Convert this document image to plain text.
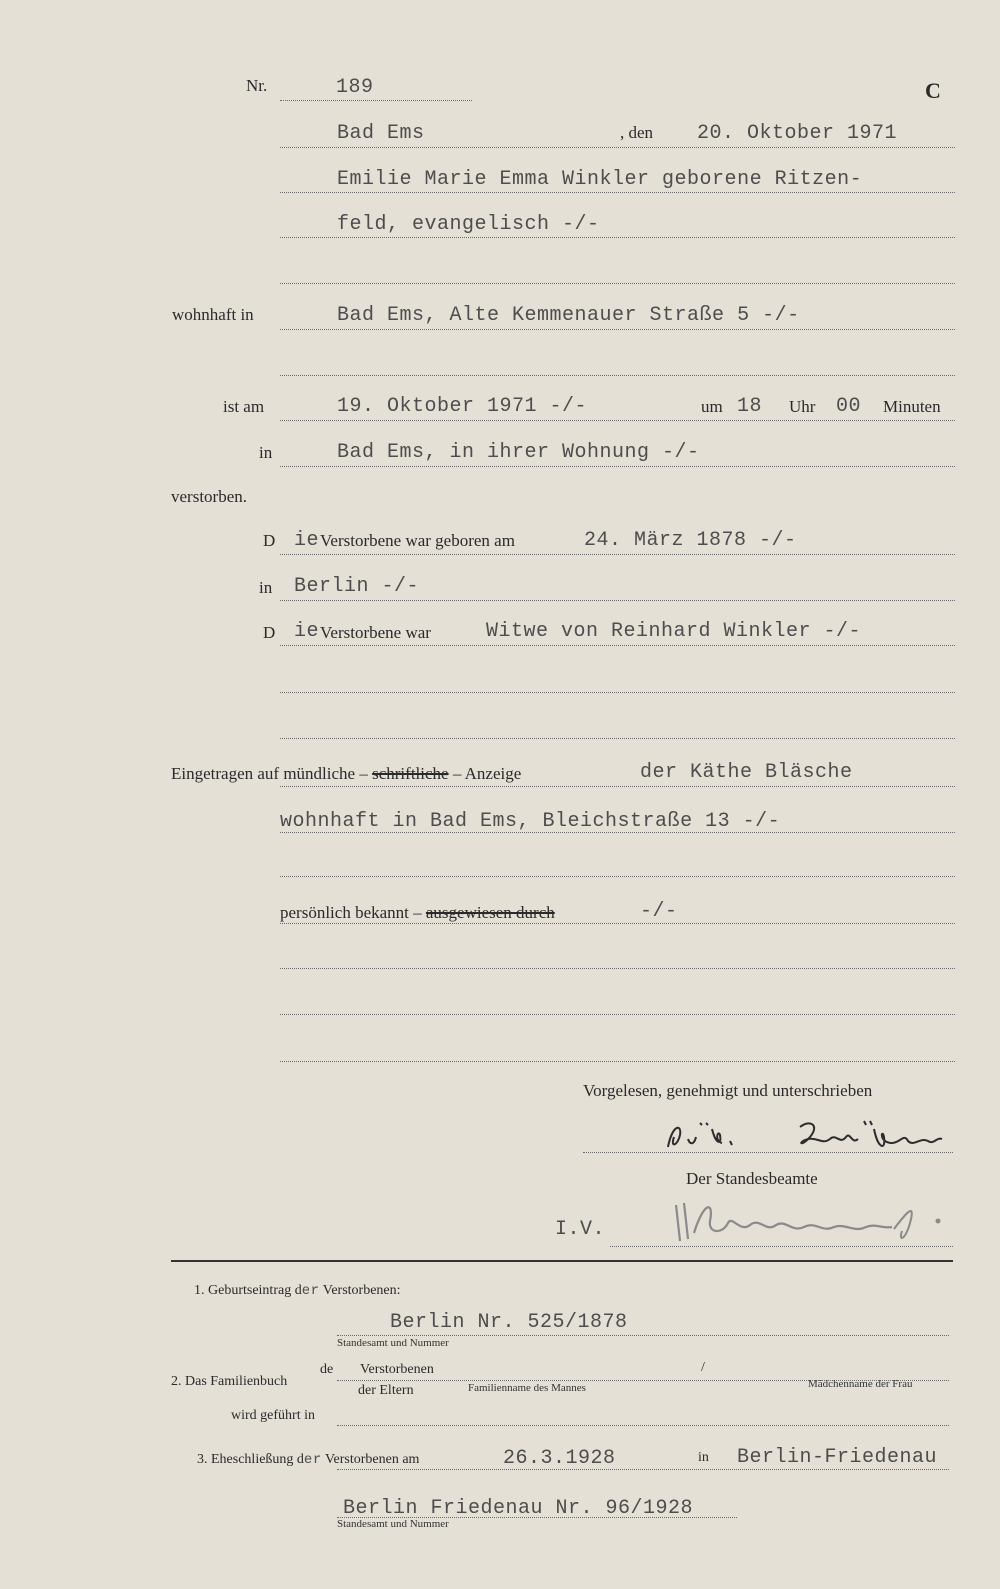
Nr.	189	C
Bad Ems	, den 20. Oktober 1971
Emilie Marie Emma Winkler geborene Ritzen-
feld, evangelisch -/-
wohnhaft in	Bad Ems, Alte Kemmenauer Straße 5 -/-
ist am	19. Oktober 1971 -/-	um 18 Uhr 00 Minuten
in	Bad Ems, in ihrer Wohnung -/-
verstorben.
D ie Verstorbene war geboren am	24. März 1878 -/-
in Berlin -/-
D ie Verstorbene war	Witwe von Reinhard Winkler -/-
Eingetragen auf mündliche – schriftliche – Anzeige	der Käthe Bläsche
wohnhaft in Bad Ems, Bleichstraße 13 -/-
persönlich bekannt – ausgewiesen durch	-/-
Vorgelesen, genehmigt und unterschrieben
Der Standesbeamte
I.V.
1. Geburtseintrag der Verstorbenen:
Berlin Nr. 525/1878
Standesamt und Nummer
de Verstorbenen	/
2. Das Familienbuch
der Eltern	Familienname des Mannes	Mädchenname der Frau
wird geführt in
3. Eheschließung der Verstorbenen am	26.3.1928	in Berlin-Friedenau
Berlin Friedenau Nr. 96/1928
Standesamt und Nummer
